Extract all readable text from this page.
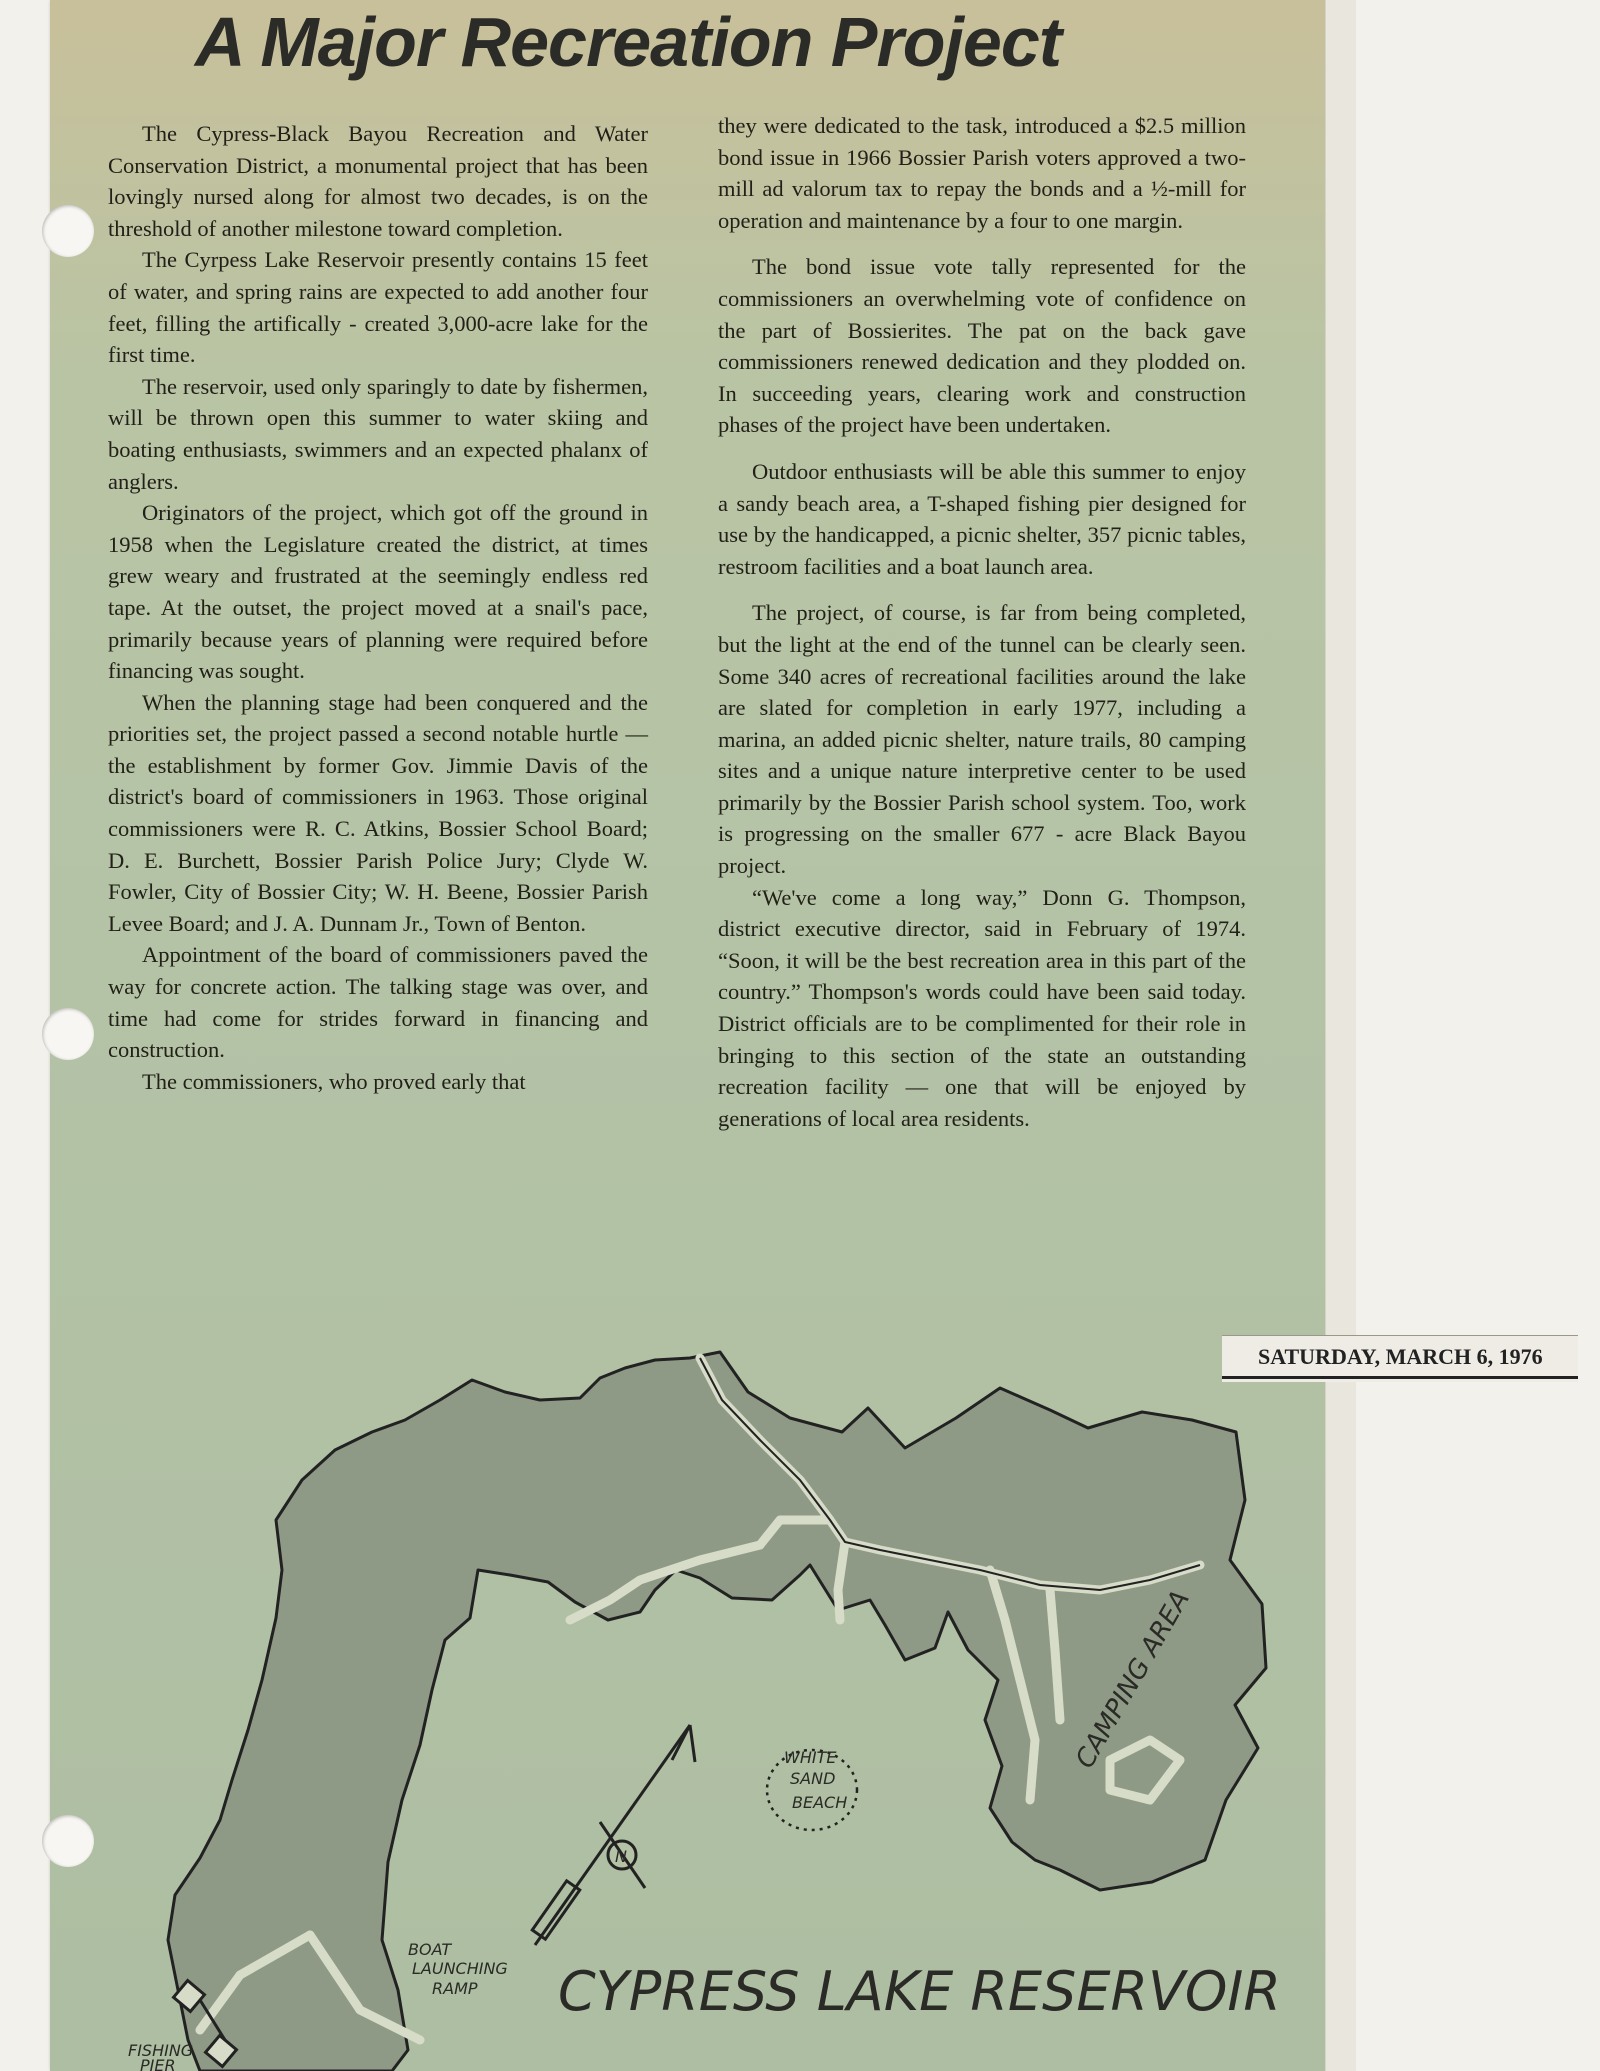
A Major Recreation Project

The Cypress-Black Bayou Recreation and Water Conservation District, a monumental project that has been lovingly nursed along for almost two decades, is on the threshold of another milestone toward completion.

The Cyrpess Lake Reservoir presently contains 15 feet of water, and spring rains are expected to add another four feet, filling the artifically - created 3,000-acre lake for the first time.

The reservoir, used only sparingly to date by fishermen, will be thrown open this summer to water skiing and boating enthusiasts, swimmers and an expected phalanx of anglers.

Originators of the project, which got off the ground in 1958 when the Legislature created the district, at times grew weary and frustrated at the seemingly endless red tape. At the outset, the project moved at a snail's pace, primarily because years of planning were required before financing was sought.

When the planning stage had been conquered and the priorities set, the project passed a second notable hurtle — the establishment by former Gov. Jimmie Davis of the district's board of commissioners in 1963. Those original commissioners were R. C. Atkins, Bossier School Board; D. E. Burchett, Bossier Parish Police Jury; Clyde W. Fowler, City of Bossier City; W. H. Beene, Bossier Parish Levee Board; and J. A. Dunnam Jr., Town of Benton.

Appointment of the board of commissioners paved the way for concrete action. The talking stage was over, and time had come for strides forward in financing and construction.

The commissioners, who proved early that

they were dedicated to the task, introduced a $2.5 million bond issue in 1966 Bossier Parish voters approved a two-mill ad valorum tax to repay the bonds and a ½-mill for operation and maintenance by a four to one margin.

The bond issue vote tally represented for the commissioners an overwhelming vote of confidence on the part of Bossierites. The pat on the back gave commissioners renewed dedication and they plodded on. In succeeding years, clearing work and construction phases of the project have been undertaken.

Outdoor enthusiasts will be able this summer to enjoy a sandy beach area, a T-shaped fishing pier designed for use by the handicapped, a picnic shelter, 357 picnic tables, restroom facilities and a boat launch area.

The project, of course, is far from being completed, but the light at the end of the tunnel can be clearly seen. Some 340 acres of recreational facilities around the lake are slated for completion in early 1977, including a marina, an added picnic shelter, nature trails, 80 camping sites and a unique nature interpretive center to be used primarily by the Bossier Parish school system. Too, work is progressing on the smaller 677 - acre Black Bayou project.

“We've come a long way,” Donn G. Thompson, district executive director, said in February of 1974. “Soon, it will be the best recreation area in this part of the country.” Thompson's words could have been said today. District officials are to be complimented for their role in bringing to this section of the state an outstanding recreation facility — one that will be enjoyed by generations of local area residents.

SATURDAY, MARCH 6, 1976
N
CAMPING AREA
WHITE
SAND
BEACH
BOAT
LAUNCHING
RAMP
FISHING
PIER
CYPRESS LAKE RESERVOIR
